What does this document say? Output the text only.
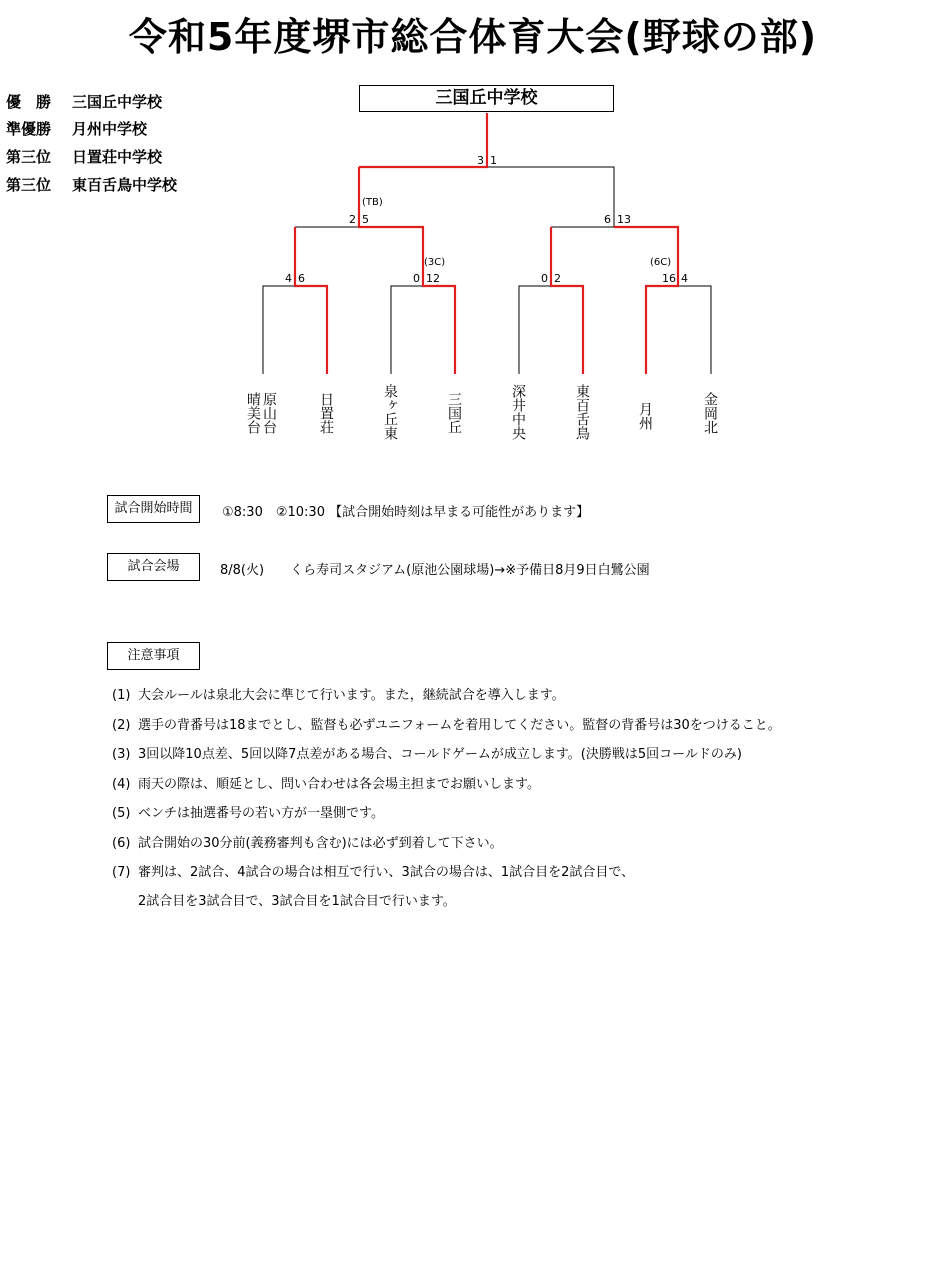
令和5年度堺市総合体育大会(野球の部)
優　勝 三国丘中学校
準優勝 月州中学校
第三位 日置荘中学校
第三位 東百舌鳥中学校
三国丘中学校
3 1
(TB)
2 5	6 13
4 6
(3C)
0 12	0 2
(6C)
16 4
晴美台原山台	日置荘	泉ヶ丘東	三国丘	深井中央	東百舌鳥	月州	金岡北
試合開始時間	①8:30　②10:30 【試合開始時刻は早まる可能性があります】
試合会場	8/8(火)　　くら寿司スタジアム(原池公園球場)→※予備日8月9日白鷺公園
注意事項
(1) 大会ルールは泉北大会に準じて行います。また，継続試合を導入します。
(2) 選手の背番号は18までとし、監督も必ずユニフォームを着用してください。監督の背番号は30をつけること。
(3) 3回以降10点差、5回以降7点差がある場合、コールドゲームが成立します。(決勝戦は5回コールドのみ)
(4) 雨天の際は、順延とし、問い合わせは各会場主担までお願いします。
(5) ベンチは抽選番号の若い方が一塁側です。
(6) 試合開始の30分前(義務審判も含む)には必ず到着して下さい。
(7) 審判は、2試合、4試合の場合は相互で行い、3試合の場合は、1試合目を2試合目で、
2試合目を3試合目で、3試合目を1試合目で行います。
